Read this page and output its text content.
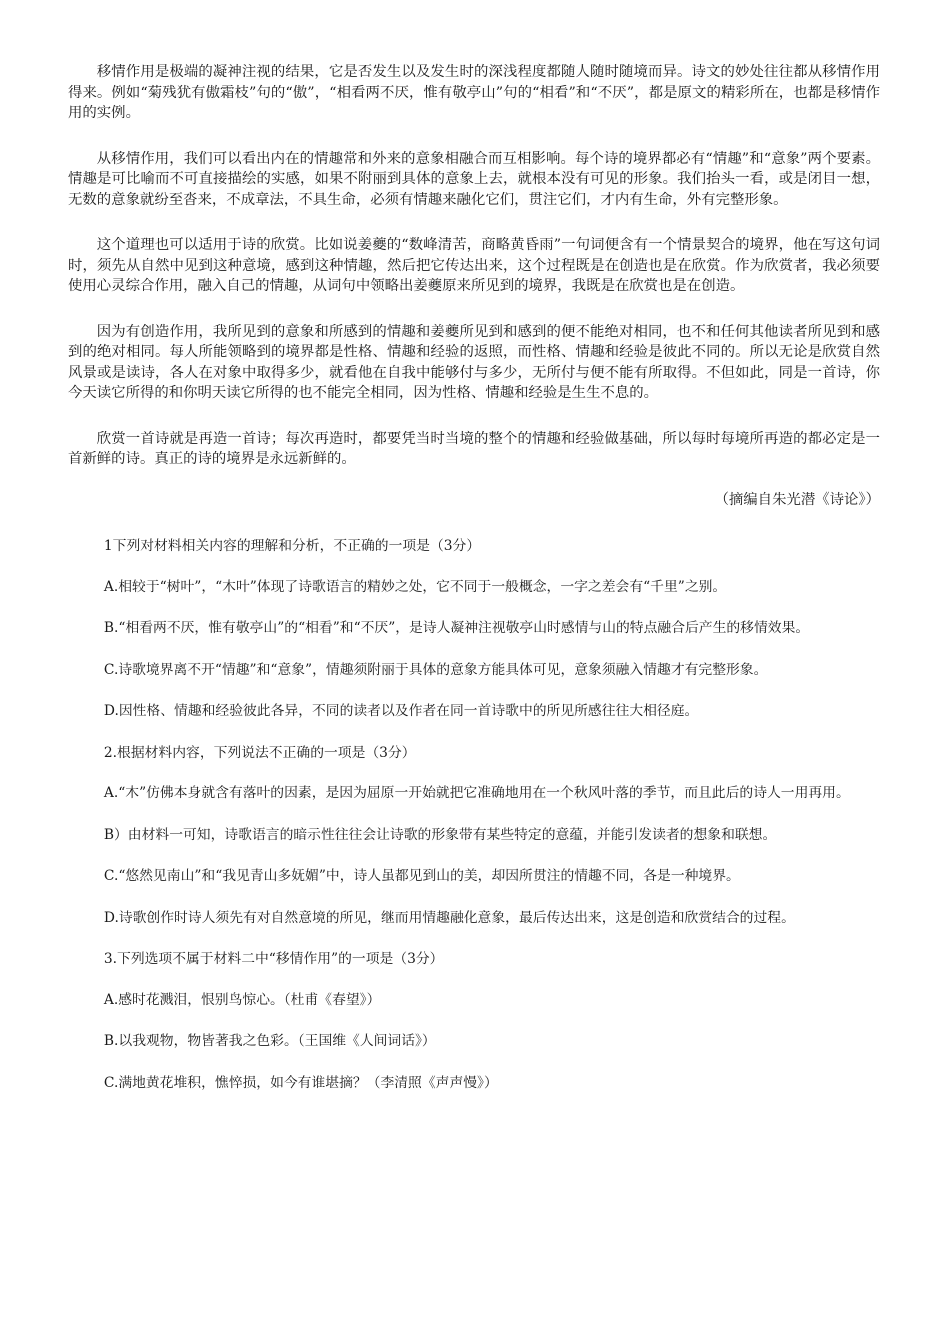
移情作用是极端的凝神注视的结果，它是否发生以及发生时的深浅程度都随人随时随境而异。诗文的妙处往往都从移情作用得来。例如“菊残犹有傲霜枝”句的“傲”，“相看两不厌，惟有敬亭山”句的“相看”和“不厌”，都是原文的精彩所在，也都是移情作用的实例。

从移情作用，我们可以看出内在的情趣常和外来的意象相融合而互相影响。每个诗的境界都必有“情趣”和“意象”两个要素。情趣是可比喻而不可直接描绘的实感，如果不附丽到具体的意象上去，就根本没有可见的形象。我们抬头一看，或是闭目一想，无数的意象就纷至沓来，不成章法，不具生命，必须有情趣来融化它们，贯注它们，才内有生命，外有完整形象。

这个道理也可以适用于诗的欣赏。比如说姜夔的“数峰清苦，商略黄昏雨”一句词便含有一个情景契合的境界，他在写这句词时，须先从自然中见到这种意境，感到这种情趣，然后把它传达出来，这个过程既是在创造也是在欣赏。作为欣赏者，我必须要使用心灵综合作用，融入自己的情趣，从词句中领略出姜夔原来所见到的境界，我既是在欣赏也是在创造。

因为有创造作用，我所见到的意象和所感到的情趣和姜夔所见到和感到的便不能绝对相同，也不和任何其他读者所见到和感到的绝对相同。每人所能领略到的境界都是性格、情趣和经验的返照，而性格、情趣和经验是彼此不同的。所以无论是欣赏自然风景或是读诗，各人在对象中取得多少，就看他在自我中能够付与多少，无所付与便不能有所取得。不但如此，同是一首诗，你今天读它所得的和你明天读它所得的也不能完全相同，因为性格、情趣和经验是生生不息的。

欣赏一首诗就是再造一首诗；每次再造时，都要凭当时当境的整个的情趣和经验做基础，所以每时每境所再造的都必定是一首新鲜的诗。真正的诗的境界是永远新鲜的。

（摘编自朱光潜《诗论》）

1下列对材料相关内容的理解和分析，不正确的一项是（3分）

A.相较于“树叶”，“木叶”体现了诗歌语言的精妙之处，它不同于一般概念，一字之差会有“千里”之别。

B.“相看两不厌，惟有敬亭山”的“相看”和“不厌”，是诗人凝神注视敬亭山时感情与山的特点融合后产生的移情效果。

C.诗歌境界离不开“情趣”和“意象”，情趣须附丽于具体的意象方能具体可见，意象须融入情趣才有完整形象。

D.因性格、情趣和经验彼此各异，不同的读者以及作者在同一首诗歌中的所见所感往往大相径庭。

2.根据材料内容，下列说法不正确的一项是（3分）

A.“木”仿佛本身就含有落叶的因素，是因为屈原一开始就把它准确地用在一个秋风叶落的季节，而且此后的诗人一用再用。

B）由材料一可知，诗歌语言的暗示性往往会让诗歌的形象带有某些特定的意蕴，并能引发读者的想象和联想。

C.“悠然见南山”和“我见青山多妩媚”中，诗人虽都见到山的美，却因所贯注的情趣不同，各是一种境界。

D.诗歌创作时诗人须先有对自然意境的所见，继而用情趣融化意象，最后传达出来，这是创造和欣赏结合的过程。

3.下列选项不属于材料二中“移情作用”的一项是（3分）

A.感时花溅泪，恨别鸟惊心。（杜甫《春望》）

B.以我观物，物皆著我之色彩。（王国维《人间词话》）

C.满地黄花堆积，憔悴损，如今有谁堪摘？（李清照《声声慢》）
